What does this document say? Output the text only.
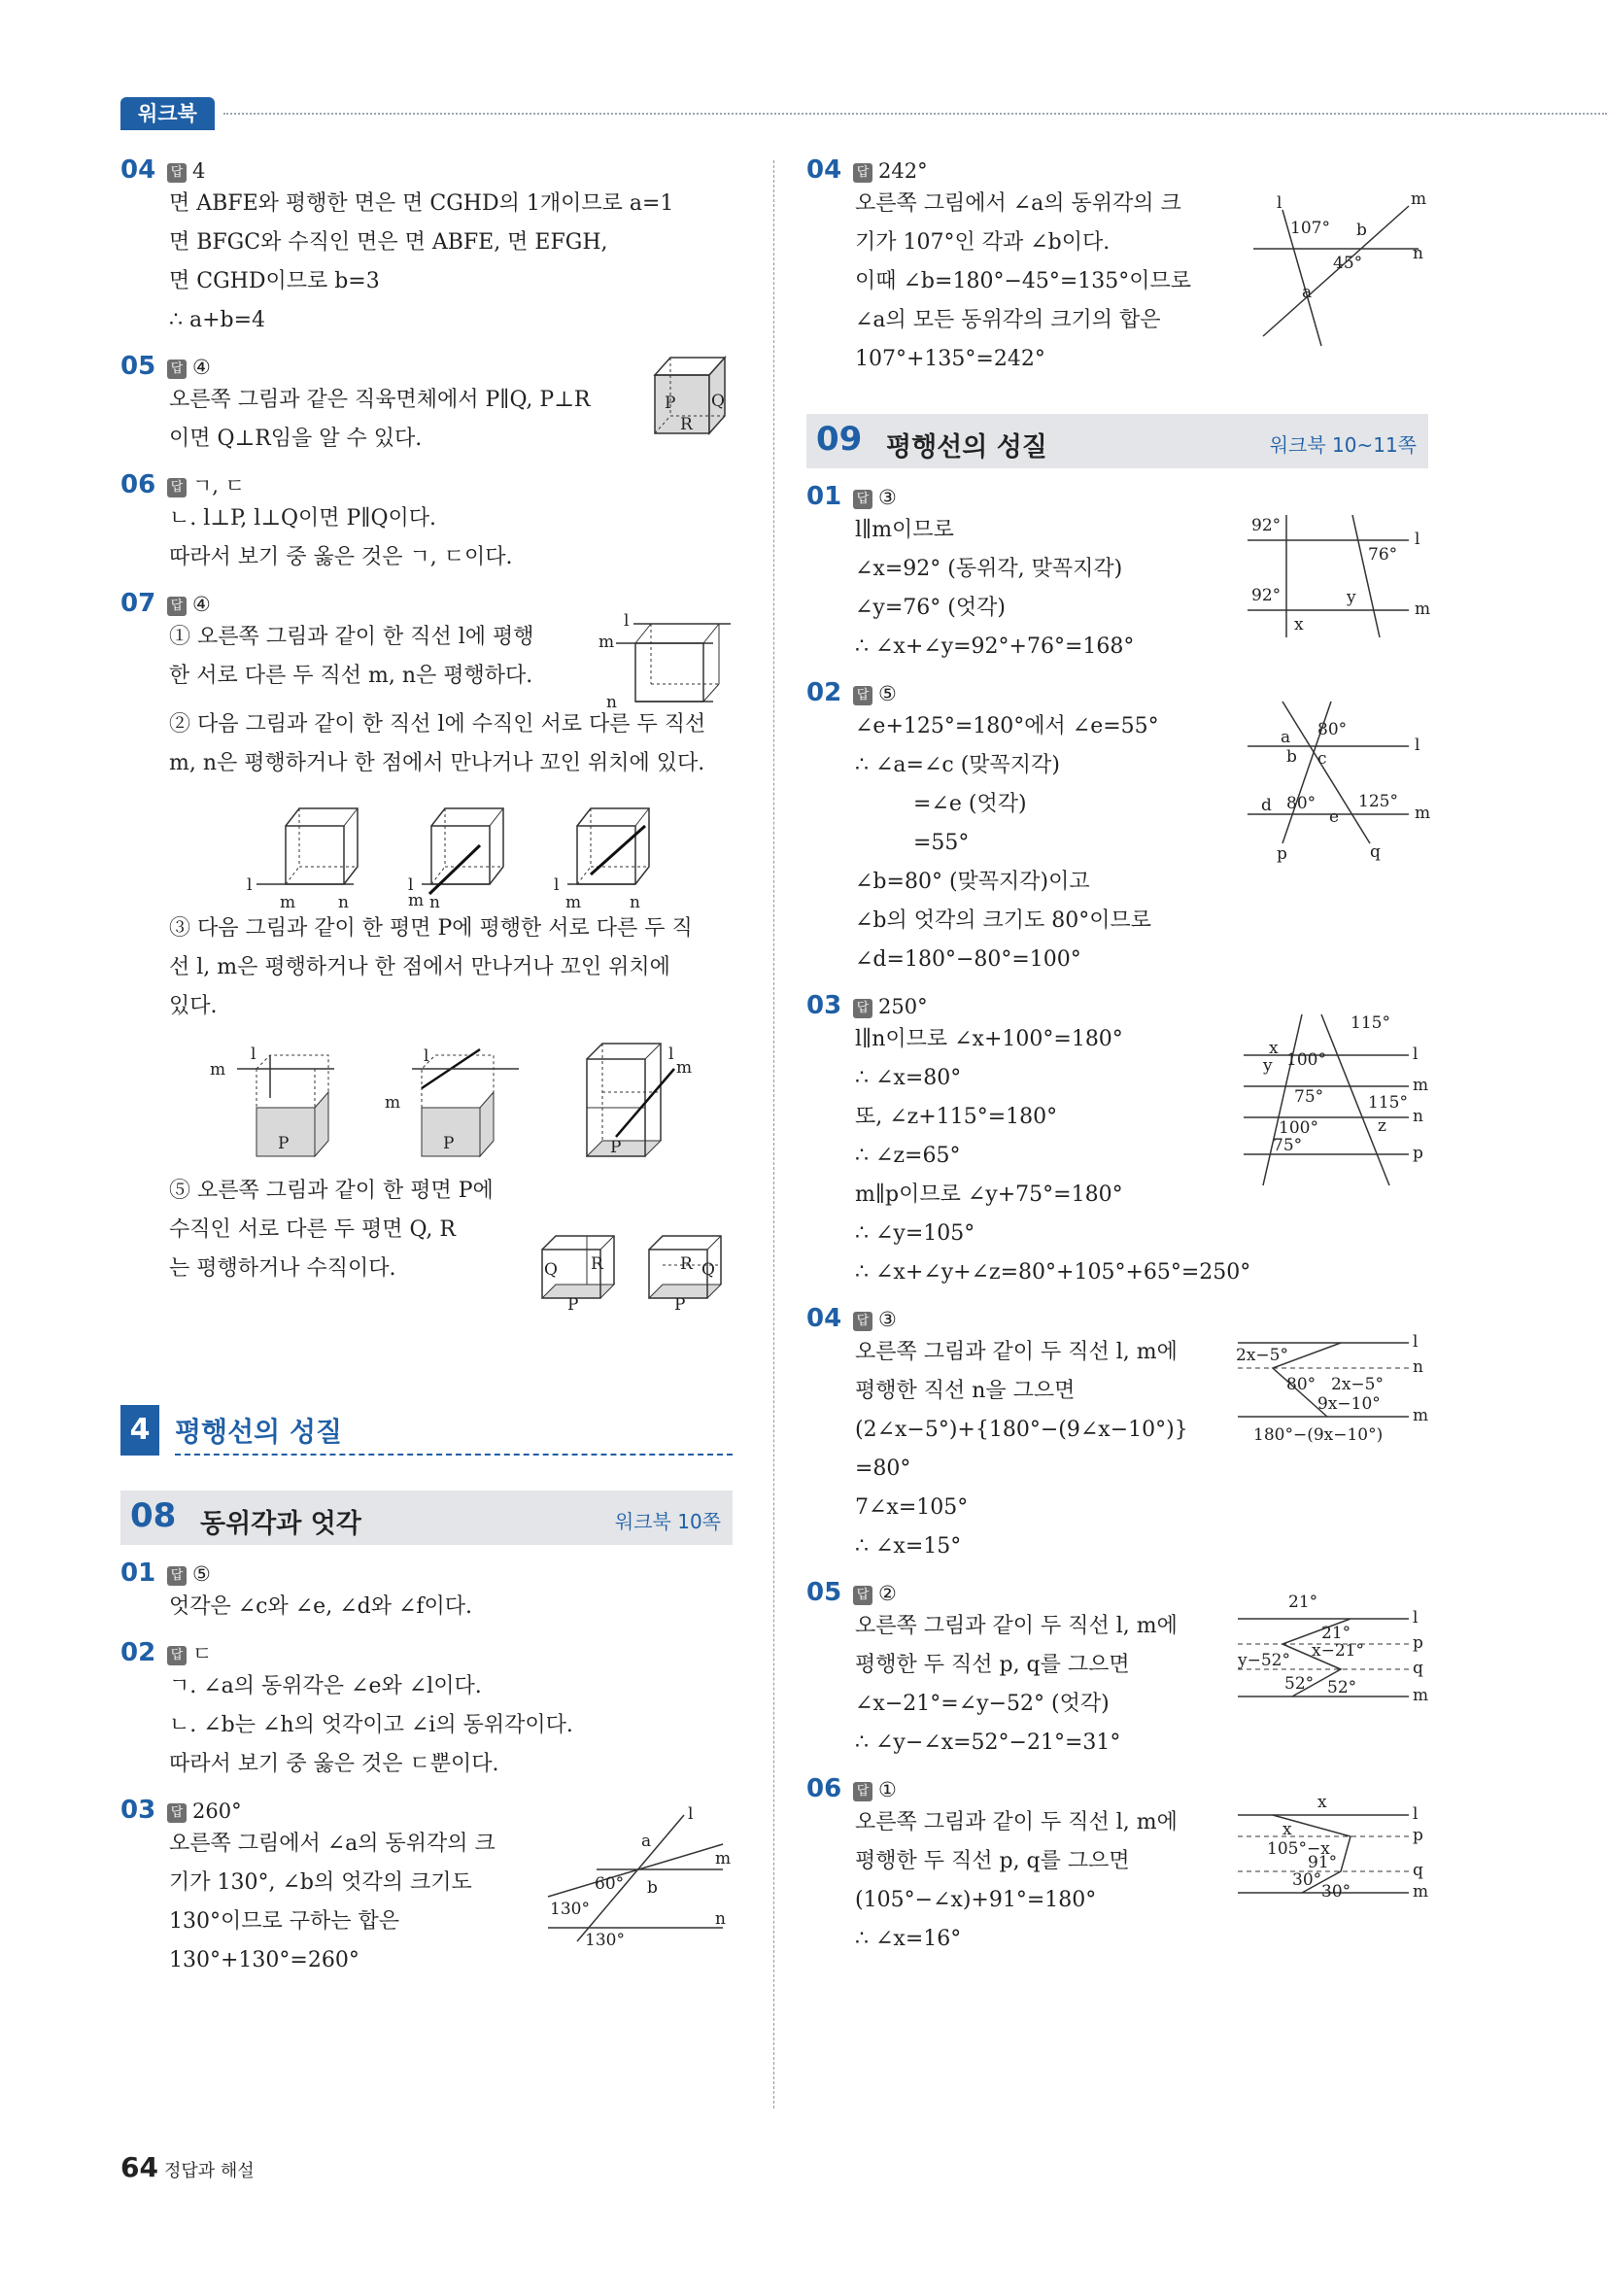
워크북
04 답 4
면 ABFE와 평행한 면은 면 CGHD의 1개이므로 a=1
면 BFGC와 수직인 면은 면 ABFE, 면 EFGH,
면 CGHD이므로 b=3
∴ a+b=4
05 답 ④
오른쪽 그림과 같은 직육면체에서 P∥Q, P⊥R
이면 Q⊥R임을 알 수 있다.
P Q
R
06 답 ㄱ, ㄷ
ㄴ. l⊥P, l⊥Q이면 P∥Q이다.
따라서 보기 중 옳은 것은 ㄱ, ㄷ이다.
07 답 ④
① 오른쪽 그림과 같이 한 직선 l에 평행
한 서로 다른 두 직선 m, n은 평행하다.
l
m
n
② 다음 그림과 같이 한 직선 l에 수직인 서로 다른 두 직선
m, n은 평행하거나 한 점에서 만나거나 꼬인 위치에 있다.
l
m	n
l
m n
l
m	n
③ 다음 그림과 같이 한 평면 P에 평행한 서로 다른 두 직
선 l, m은 평행하거나 한 점에서 만나거나 꼬인 위치에
있다.
l
m
P
l
m
P
l
m
P
⑤ 오른쪽 그림과 같이 한 평면 P에
수직인 서로 다른 두 평면 Q, R
는 평행하거나 수직이다.	Q R
P
R Q
P
4 평행선의 성질
08 동위각과 엇각	워크북 10쪽
01 답 ⑤
엇각은 ∠c와 ∠e, ∠d와 ∠f이다.
02 답 ㄷ
ㄱ. ∠a의 동위각은 ∠e와 ∠l이다.
ㄴ. ∠b는 ∠h의 엇각이고 ∠i의 동위각이다.
따라서 보기 중 옳은 것은 ㄷ뿐이다.
03 답 260°
오른쪽 그림에서 ∠a의 동위각의 크
기가 130°, ∠b의 엇각의 크기도
130°이므로 구하는 합은
130°+130°=260°
l
m
n
a
b
60°
130°
130°
04 답 242°
오른쪽 그림에서 ∠a의 동위각의 크
기가 107°인 각과 ∠b이다.
이때 ∠b=180°−45°=135°이므로
∠a의 모든 동위각의 크기의 합은
107°+135°=242°
l	m
n
107° b
45°
a
09 평행선의 성질	워크북 10~11쪽
01 답 ③
l∥m이므로
∠x=92° (동위각, 맞꼭지각)
∠y=76° (엇각)
∴ ∠x+∠y=92°+76°=168°
92°
92°
76°
y
x
l
m
02 답 ⑤
∠e+125°=180°에서 ∠e=55°
∴ ∠a=∠c (맞꼭지각)
=∠e (엇각)
=55°
∠b=80° (맞꼭지각)이고
∠b의 엇각의 크기도 80°이므로
∠d=180°−80°=100°
a 80°
b c
d 80°
e
125°
l
m
p	q
03 답 250°
l∥n이므로 ∠x+100°=180°
∴ ∠x=80°
또, ∠z+115°=180°
∴ ∠z=65°
m∥p이므로 ∠y+75°=180°
∴ ∠y=105°
∴ ∠x+∠y+∠z=80°+105°+65°=250°
115°
x
100°
y
75°	115°
100°
75°
z
l
m
n
p
04 답 ③
오른쪽 그림과 같이 두 직선 l, m에
평행한 직선 n을 그으면
(2∠x−5°)+{180°−(9∠x−10°)}
=80°
7∠x=105°
∴ ∠x=15°
2x−5°
80° 2x−5°
9x−10°
180°−(9x−10°)
l
n
m
05 답 ②
오른쪽 그림과 같이 두 직선 l, m에
평행한 두 직선 p, q를 그으면
∠x−21°=∠y−52° (엇각)
∴ ∠y−∠x=52°−21°=31°
21°
21°
x−21°
y−52°
52° 52°
l
p
q
m
06 답 ①
오른쪽 그림과 같이 두 직선 l, m에
평행한 두 직선 p, q를 그으면
(105°−∠x)+91°=180°
∴ ∠x=16°
x
x
105°−x
91°
30°
30°
l
p
q
m
64 정답과 해설
